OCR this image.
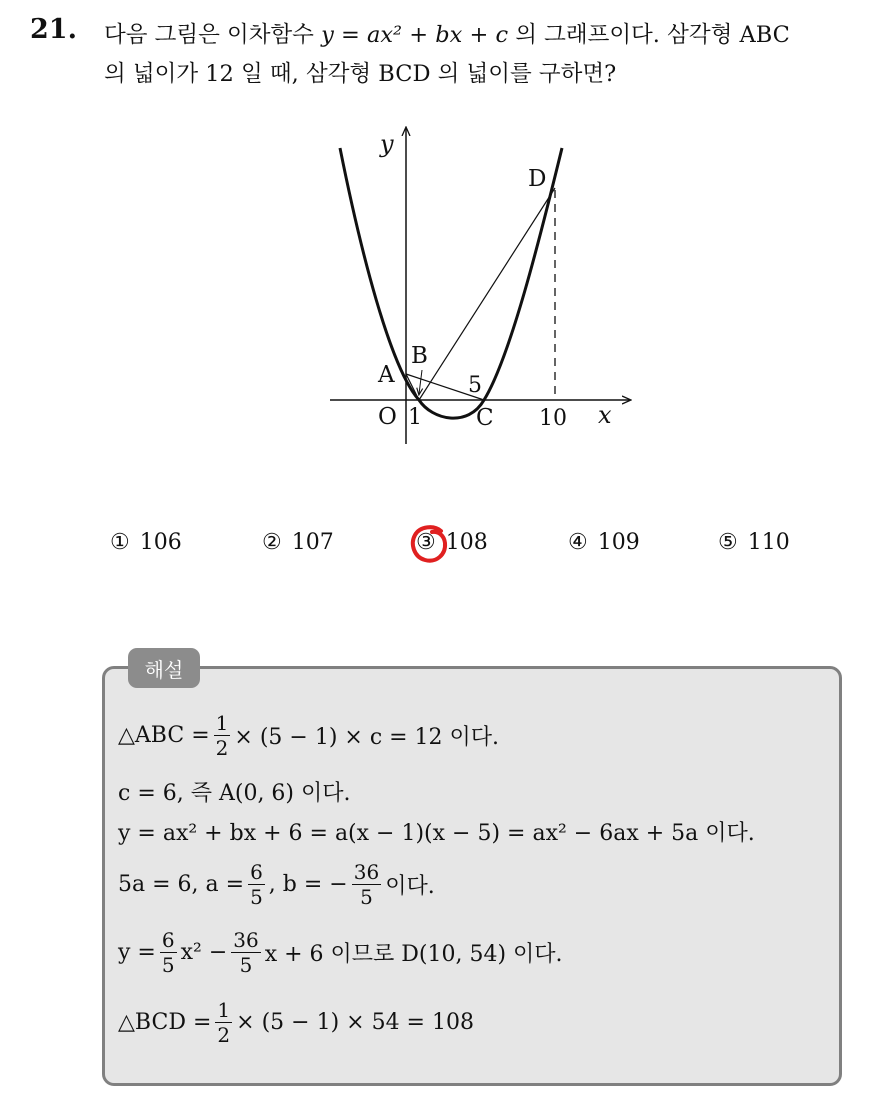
21. 다음 그림은 이차함수 y = ax² + bx + c 의 그래프이다. 삼각형 ABC
의 넓이가 12 일 때, 삼각형 BCD 의 넓이를 구하면?
y
D
B
A	5
O 1 C 10 x
① 106	② 107	③ 108	④ 109	⑤ 110
해설
△ABC = $\frac{1}{2} \times (5 - 1) \times c = 12$ 이다.
c = 6, 즉 A(0, 6) 이다.
y = ax² + bx + 6 = a(x − 1)(x − 5) = ax² − 6ax + 5a 이다.
5a = 6, $a = \frac{6}{5}$ , b = − $\frac{36}{5}$ 이다.
$y = \frac{6}{5} x^2 - \frac{36}{5}$ x + 6 이므로 D(10, 54) 이다.
△BCD = $\frac{1}{2} \times (5 - 1) \times 54 = 108$
